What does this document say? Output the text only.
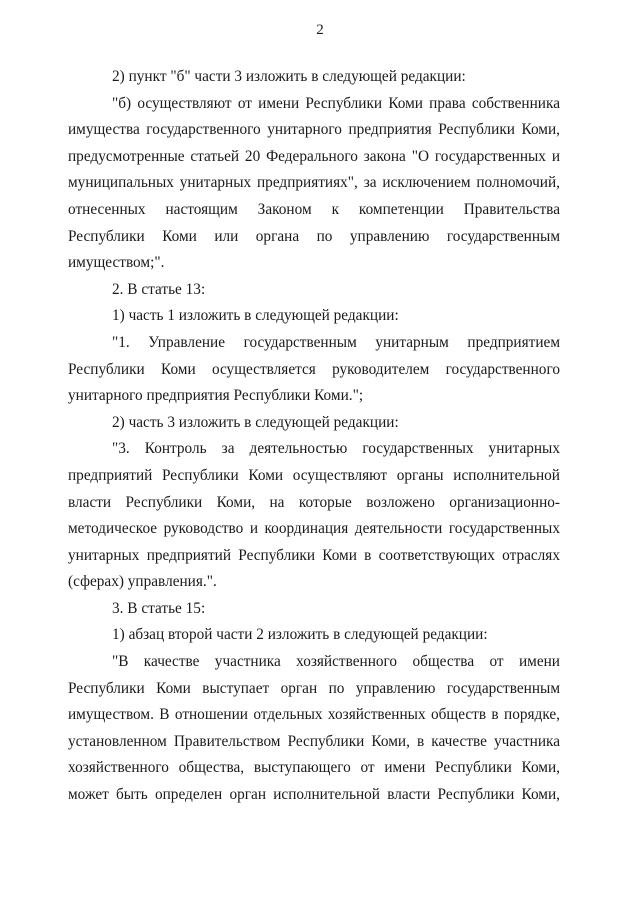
2

2) пункт "б" части 3 изложить в следующей редакции:

"б) осуществляют от имени Республики Коми права собственника имущества государственного унитарного предприятия Республики Коми, предусмотренные статьей 20 Федерального закона "О государственных и муниципальных унитарных предприятиях", за исключением полномочий, отнесенных настоящим Законом к компетенции Правительства Республики Коми или органа по управлению государственным имуществом;".

2. В статье 13:

1) часть 1 изложить в следующей редакции:

"1. Управление государственным унитарным предприятием Республики Коми осуществляется руководителем государственного унитарного предприятия Республики Коми.";

2) часть 3 изложить в следующей редакции:

"3. Контроль за деятельностью государственных унитарных предприятий Республики Коми осуществляют органы исполнительной власти Республики Коми, на которые возложено организационно-методическое руководство и координация деятельности государственных унитарных предприятий Республики Коми в соответствующих отраслях (сферах) управления.".

3. В статье 15:

1) абзац второй части 2 изложить в следующей редакции:

"В качестве участника хозяйственного общества от имени Республики Коми выступает орган по управлению государственным имуществом. В отношении отдельных хозяйственных обществ в порядке, установленном Правительством Республики Коми, в качестве участника хозяйственного общества, выступающего от имени Республики Коми, может быть определен орган исполнительной власти Республики Коми,
